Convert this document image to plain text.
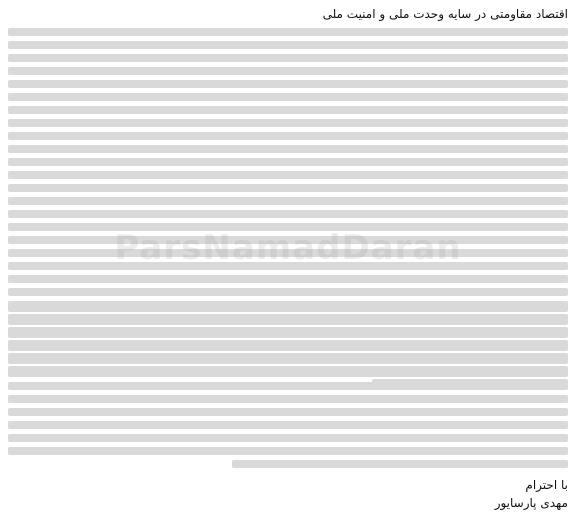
اقتصاد مقاومتی در سایه وحدت ملی و امنیت ملی
ParsNamadDaran
با احترام
مهدی پارسایور
